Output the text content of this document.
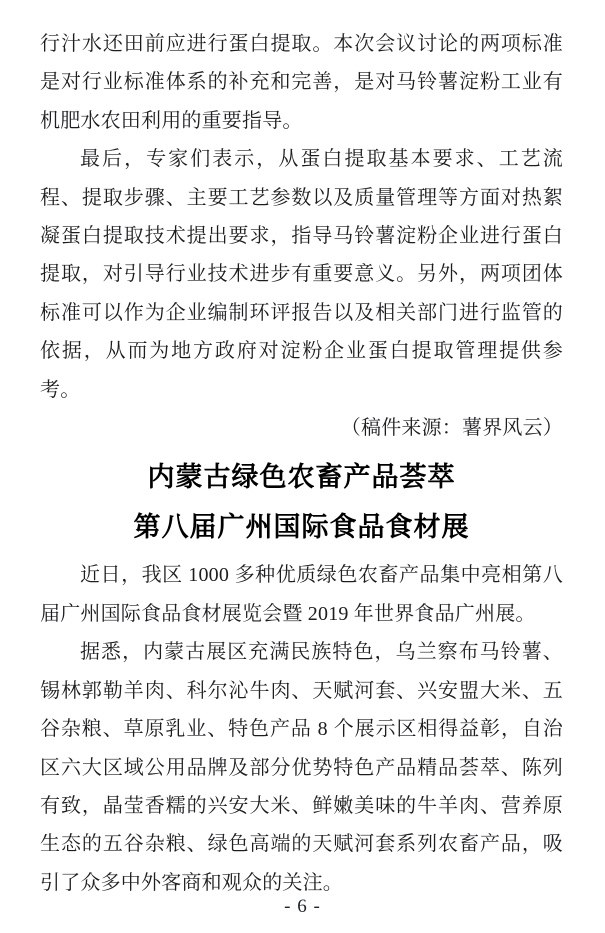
行汁水还田前应进行蛋白提取。本次会议讨论的两项标准是对行业标准体系的补充和完善，是对马铃薯淀粉工业有机肥水农田利用的重要指导。

最后，专家们表示，从蛋白提取基本要求、工艺流程、提取步骤、主要工艺参数以及质量管理等方面对热絮凝蛋白提取技术提出要求，指导马铃薯淀粉企业进行蛋白提取，对引导行业技术进步有重要意义。另外，两项团体标准可以作为企业编制环评报告以及相关部门进行监管的依据，从而为地方政府对淀粉企业蛋白提取管理提供参考。

（稿件来源：薯界风云）

内蒙古绿色农畜产品荟萃
第八届广州国际食品食材展

近日，我区 1000 多种优质绿色农畜产品集中亮相第八届广州国际食品食材展览会暨 2019 年世界食品广州展。

据悉，内蒙古展区充满民族特色，乌兰察布马铃薯、锡林郭勒羊肉、科尔沁牛肉、天赋河套、兴安盟大米、五谷杂粮、草原乳业、特色产品 8 个展示区相得益彰，自治区六大区域公用品牌及部分优势特色产品精品荟萃、陈列有致，晶莹香糯的兴安大米、鲜嫩美味的牛羊肉、营养原生态的五谷杂粮、绿色高端的天赋河套系列农畜产品，吸引了众多中外客商和观众的关注。

- 6 -
